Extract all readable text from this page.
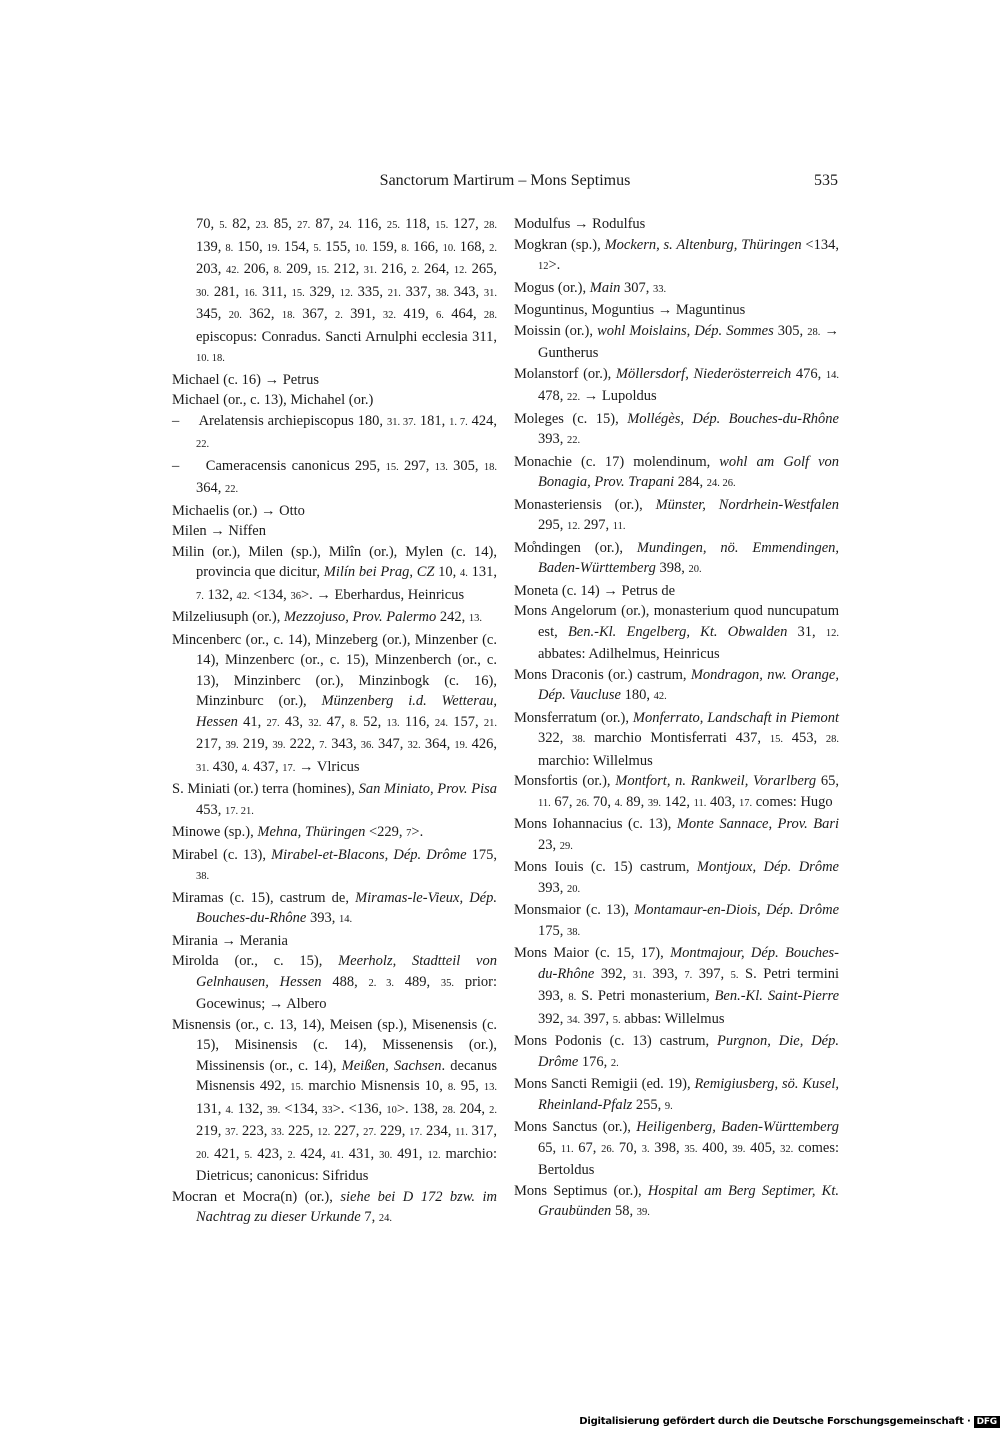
Sanctorum Martirum – Mons Septimus	535

70, 5. 82, 23. 85, 27. 87, 24. 116, 25. 118, 15. 127, 28. 139, 8. 150, 19. 154, 5. 155, 10. 159, 8. 166, 10. 168, 2. 203, 42. 206, 8. 209, 15. 212, 31. 216, 2. 264, 12. 265, 30. 281, 16. 311, 15. 329, 12. 335, 21. 337, 38. 343, 31. 345, 20. 362, 18. 367, 2. 391, 32. 419, 6. 464, 28. episcopus: Conradus. Sancti Arnulphi ecclesia 311, 10. 18.

Michael (c. 16) → Petrus

Michael (or., c. 13), Michahel (or.)

–     Arelatensis archiepiscopus 180, 31. 37. 181, 1. 7. 424, 22.

–     Cameracensis canonicus 295, 15. 297, 13. 305, 18. 364, 22.

Michaelis (or.) → Otto

Milen → Niffen

Milin (or.), Milen (sp.), Milîn (or.), Mylen (c. 14), provincia que dicitur, Milín bei Prag, CZ 10, 4. 131, 7. 132, 42. <134, 36>. → Eberhardus, Heinricus

Milzeliusuph (or.), Mezzojuso, Prov. Palermo 242, 13.

Mincenberc (or., c. 14), Minzeberg (or.), Minzenber (c. 14), Minzenberc (or., c. 15), Minzenberch (or., c. 13), Minzinberc (or.), Minzinbogk (c. 16), Minzinburc (or.), Münzenberg i.d. Wetterau, Hessen 41, 27. 43, 32. 47, 8. 52, 13. 116, 24. 157, 21. 217, 39. 219, 39. 222, 7. 343, 36. 347, 32. 364, 19. 426, 31. 430, 4. 437, 17. → Vlricus

S. Miniati (or.) terra (homines), San Miniato, Prov. Pisa 453, 17. 21.

Minowe (sp.), Mehna, Thüringen <229, 7>.

Mirabel (c. 13), Mirabel-et-Blacons, Dép. Drôme 175, 38.

Miramas (c. 15), castrum de, Miramas-le-Vieux, Dép. Bouches-du-Rhône 393, 14.

Mirania → Merania

Mirolda (or., c. 15), Meerholz, Stadtteil von Gelnhausen, Hessen 488, 2. 3. 489, 35. prior: Gocewinus; → Albero

Misnensis (or., c. 13, 14), Meisen (sp.), Misenensis (c. 15), Misinensis (c. 14), Missenensis (or.), Missinensis (or., c. 14), Meißen, Sachsen. decanus Misnensis 492, 15. marchio Misnensis 10, 8. 95, 13. 131, 4. 132, 39. <134, 33>. <136, 10>. 138, 28. 204, 2. 219, 37. 223, 33. 225, 12. 227, 27. 229, 17. 234, 11. 317, 20. 421, 5. 423, 2. 424, 41. 431, 30. 491, 12. marchio: Dietricus; canonicus: Sifridus

Mocran et Mocra(n) (or.), siehe bei D 172 bzw. im Nachtrag zu dieser Urkunde 7, 24.

Modulfus → Rodulfus

Mogkran (sp.), Mockern, s. Altenburg, Thüringen <134, 12>.

Mogus (or.), Main 307, 33.

Moguntinus, Moguntius → Maguntinus

Moissin (or.), wohl Moislains, Dép. Sommes 305, 28. → Guntherus

Molanstorf (or.), Möllersdorf, Niederösterreich 476, 14. 478, 22. → Lupoldus

Moleges (c. 15), Mollégès, Dép. Bouches-du-Rhône 393, 22.

Monachie (c. 17) molendinum, wohl am Golf von Bonagia, Prov. Trapani 284, 24. 26.

Monasteriensis (or.), Münster, Nordrhein-Westfalen 295, 12. 297, 11.

Mo̊ndingen (or.), Mundingen, nö. Emmendingen, Baden-Württemberg 398, 20.

Moneta (c. 14) → Petrus de

Mons Angelorum (or.), monasterium quod nuncupatum est, Ben.-Kl. Engelberg, Kt. Obwalden 31, 12. abbates: Adilhelmus, Heinricus

Mons Draconis (or.) castrum, Mondragon, nw. Orange, Dép. Vaucluse 180, 42.

Monsferratum (or.), Monferrato, Landschaft in Piemont 322, 38. marchio Montisferrati 437, 15. 453, 28. marchio: Willelmus

Monsfortis (or.), Montfort, n. Rankweil, Vorarlberg 65, 11. 67, 26. 70, 4. 89, 39. 142, 11. 403, 17. comes: Hugo

Mons Iohannacius (c. 13), Monte Sannace, Prov. Bari 23, 29.

Mons Iouis (c. 15) castrum, Montjoux, Dép. Drôme 393, 20.

Monsmaior (c. 13), Montamaur-en-Diois, Dép. Drôme 175, 38.

Mons Maior (c. 15, 17), Montmajour, Dép. Bouches-du-Rhône 392, 31. 393, 7. 397, 5. S. Petri termini 393, 8. S. Petri monasterium, Ben.-Kl. Saint-Pierre 392, 34. 397, 5. abbas: Willelmus

Mons Podonis (c. 13) castrum, Purgnon, Die, Dép. Drôme 176, 2.

Mons Sancti Remigii (ed. 19), Remigiusberg, sö. Kusel, Rheinland-Pfalz 255, 9.

Mons Sanctus (or.), Heiligenberg, Baden-Württemberg 65, 11. 67, 26. 70, 3. 398, 35. 400, 39. 405, 32. comes: Bertoldus

Mons Septimus (or.), Hospital am Berg Septimer, Kt. Graubünden 58, 39.

Digitalisierung gefördert durch die Deutsche Forschungsgemeinschaft · DFG
